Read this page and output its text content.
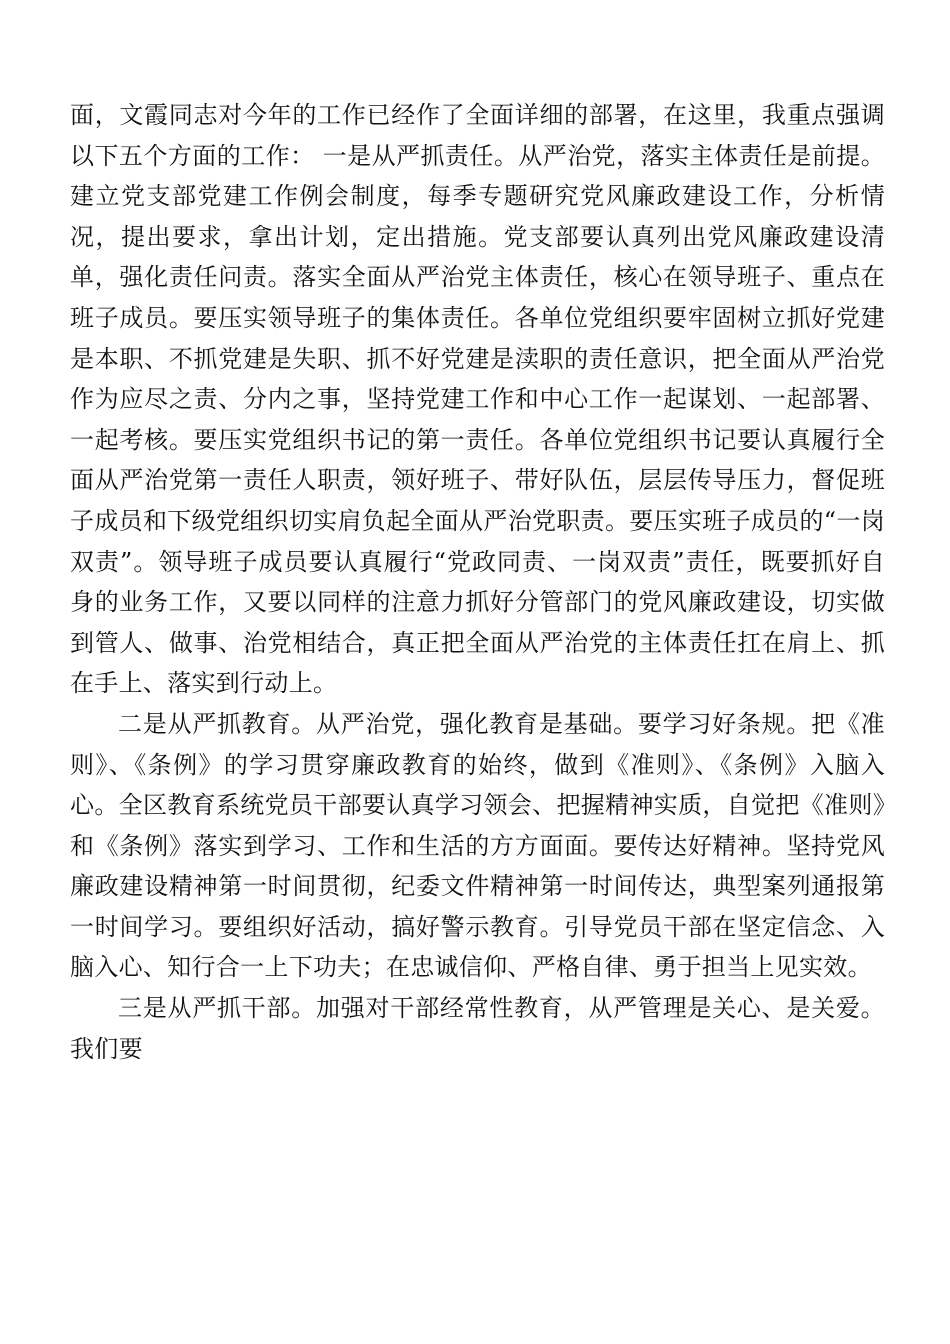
面，文霞同志对今年的工作已经作了全面详细的部署，在这里，我重点强调以下五个方面的工作： 一是从严抓责任。从严治党，落实主体责任是前提。建立党支部党建工作例会制度，每季专题研究党风廉政建设工作，分析情况，提出要求，拿出计划，定出措施。党支部要认真列出党风廉政建设清单，强化责任问责。落实全面从严治党主体责任，核心在领导班子、重点在班子成员。要压实领导班子的集体责任。各单位党组织要牢固树立抓好党建是本职、不抓党建是失职、抓不好党建是渎职的责任意识，把全面从严治党作为应尽之责、分内之事，坚持党建工作和中心工作一起谋划、一起部署、一起考核。要压实党组织书记的第一责任。各单位党组织书记要认真履行全面从严治党第一责任人职责，领好班子、带好队伍，层层传导压力，督促班子成员和下级党组织切实肩负起全面从严治党职责。要压实班子成员的“一岗双责”。领导班子成员要认真履行“党政同责、一岗双责”责任，既要抓好自身的业务工作，又要以同样的注意力抓好分管部门的党风廉政建设，切实做到管人、做事、治党相结合，真正把全面从严治党的主体责任扛在肩上、抓在手上、落实到行动上。

二是从严抓教育。从严治党，强化教育是基础。要学习好条规。把《准则》、《条例》的学习贯穿廉政教育的始终，做到《准则》、《条例》入脑入心。全区教育系统党员干部要认真学习领会、把握精神实质，自觉把《准则》和《条例》落实到学习、工作和生活的方方面面。要传达好精神。坚持党风廉政建设精神第一时间贯彻，纪委文件精神第一时间传达，典型案列通报第一时间学习。要组织好活动，搞好警示教育。引导党员干部在坚定信念、入脑入心、知行合一上下功夫；在忠诚信仰、严格自律、勇于担当上见实效。

三是从严抓干部。加强对干部经常性教育，从严管理是关心、是关爱。我们要
